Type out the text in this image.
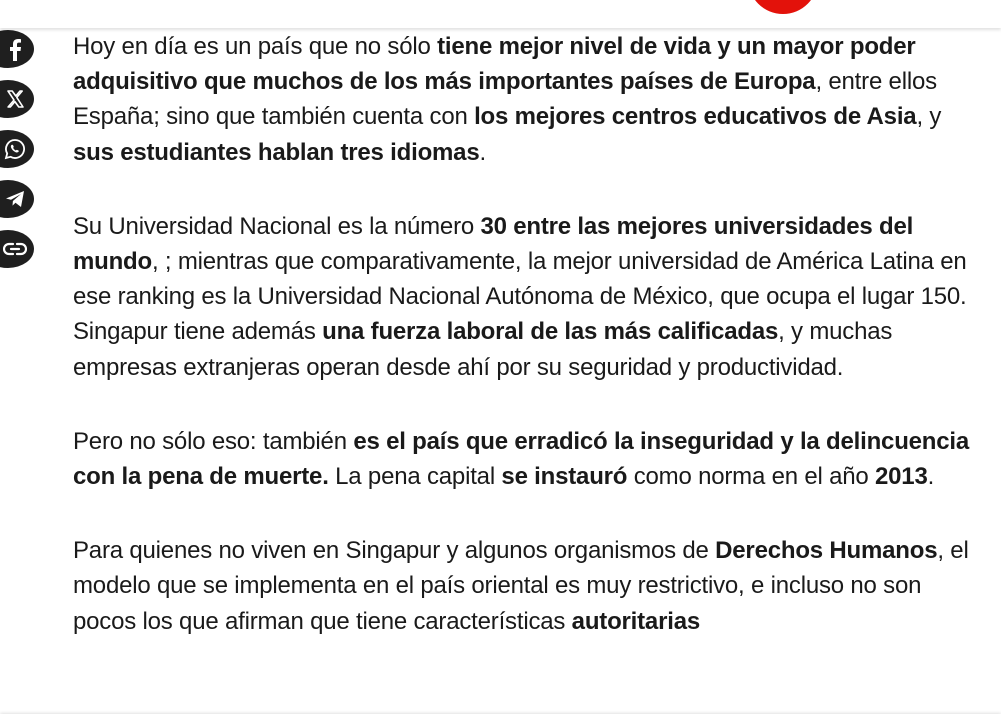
Hoy en día es un país que no sólo tiene mejor nivel de vida y un mayor poder adquisitivo que muchos de los más importantes países de Europa, entre ellos España; sino que también cuenta con los mejores centros educativos de Asia, y sus estudiantes hablan tres idiomas.

Su Universidad Nacional es la número 30 entre las mejores universidades del mundo, ; mientras que comparativamente, la mejor universidad de América Latina en ese ranking es la Universidad Nacional Autónoma de México, que ocupa el lugar 150. Singapur tiene además una fuerza laboral de las más calificadas, y muchas empresas extranjeras operan desde ahí por su seguridad y productividad.

Pero no sólo eso: también es el país que erradicó la inseguridad y la delincuencia con la pena de muerte. La pena capital se instauró como norma en el año 2013.

Para quienes no viven en Singapur y algunos organismos de Derechos Humanos, el modelo que se implementa en el país oriental es muy restrictivo, e incluso no son pocos los que afirman que tiene características autoritarias
